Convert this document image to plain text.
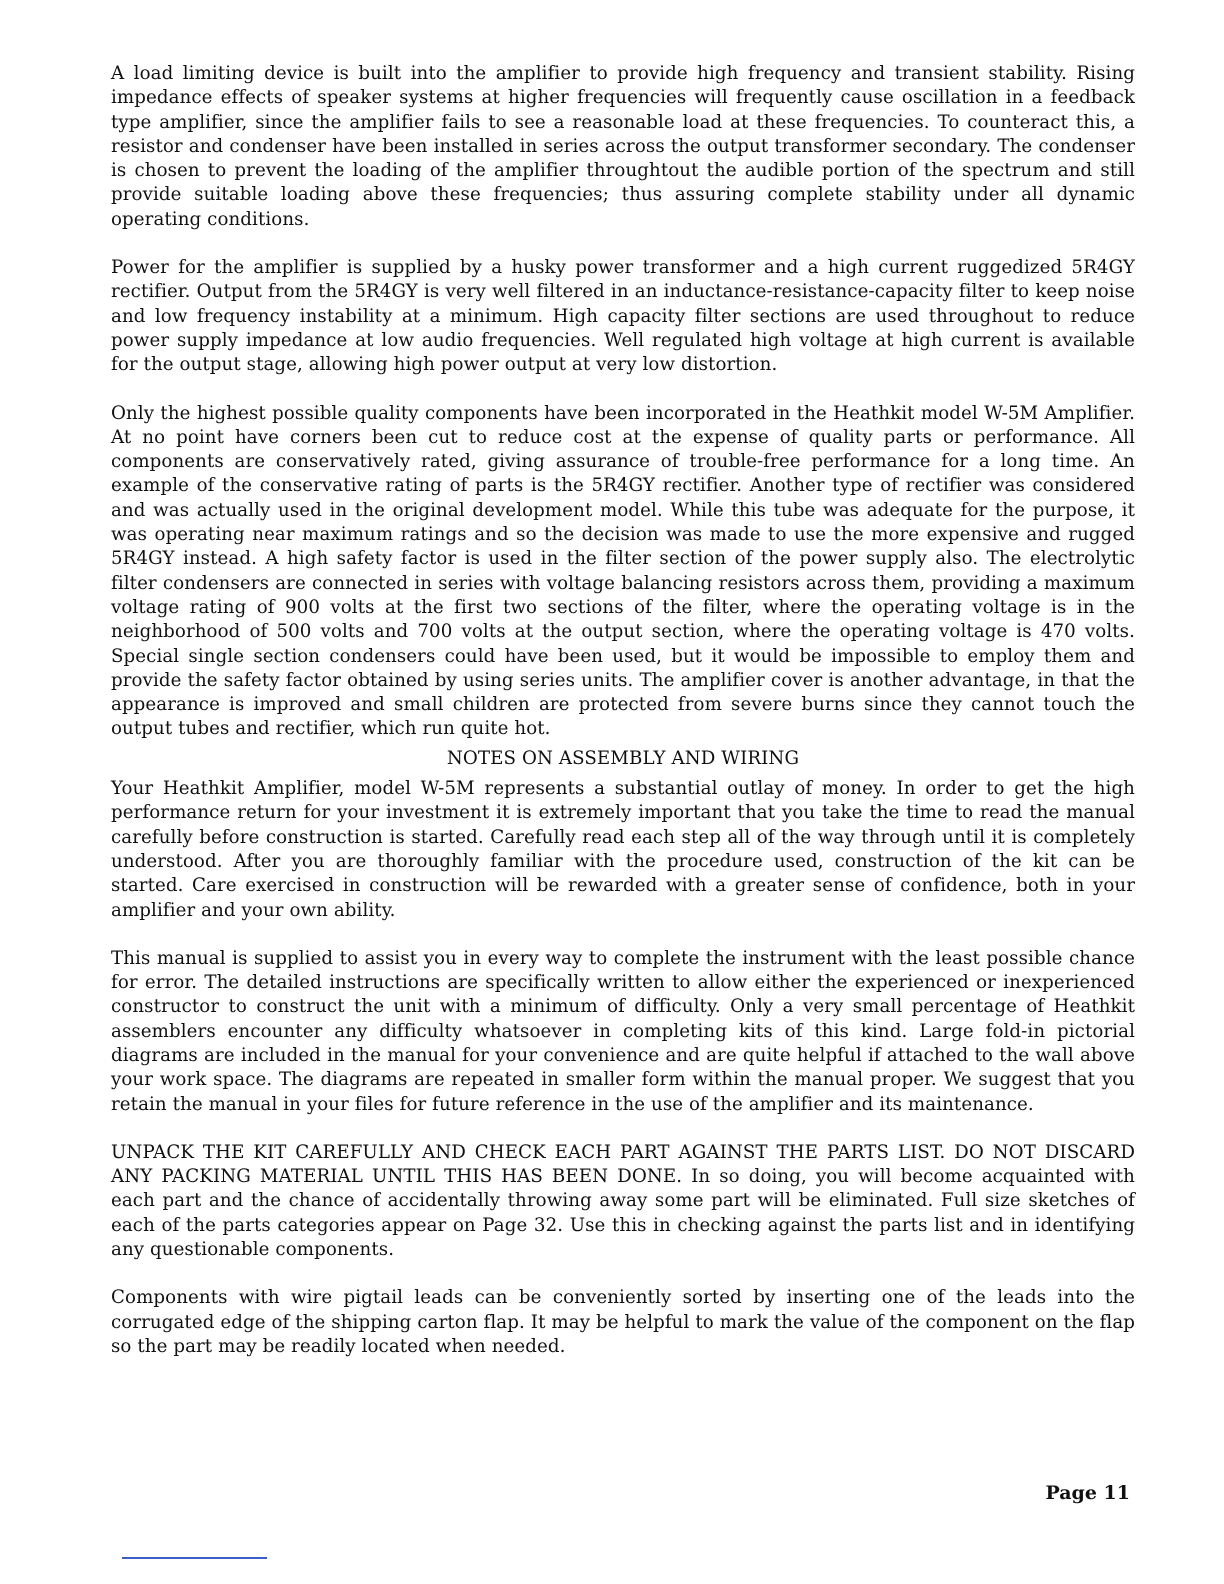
A load limiting device is built into the amplifier to provide high frequency and transient stability. Rising impedance effects of speaker systems at higher frequencies will frequently cause oscillation in a feedback type amplifier, since the amplifier fails to see a reasonable load at these frequencies. To counteract this, a resistor and condenser have been installed in series across the output transformer secondary. The condenser is chosen to prevent the loading of the amplifier throughtout the audible portion of the spectrum and still provide suitable loading above these frequencies; thus assuring complete stability under all dynamic operating conditions.

Power for the amplifier is supplied by a husky power transformer and a high current ruggedized 5R4GY rectifier. Output from the 5R4GY is very well filtered in an inductance-resistance-capacity filter to keep noise and low frequency instability at a minimum. High capacity filter sections are used throughout to reduce power supply impedance at low audio frequencies. Well regulated high voltage at high current is available for the output stage, allowing high power output at very low distortion.

Only the highest possible quality components have been incorporated in the Heathkit model W-5M Amplifier. At no point have corners been cut to reduce cost at the expense of quality parts or performance. All components are conservatively rated, giving assurance of trouble-free performance for a long time. An example of the conservative rating of parts is the 5R4GY rectifier. Another type of rectifier was considered and was actually used in the original development model. While this tube was adequate for the purpose, it was operating near maximum ratings and so the decision was made to use the more expensive and rugged 5R4GY instead. A high safety factor is used in the filter section of the power supply also. The electrolytic filter condensers are connected in series with voltage balancing resistors across them, providing a maximum voltage rating of 900 volts at the first two sections of the filter, where the operating voltage is in the neighborhood of 500 volts and 700 volts at the output section, where the operating voltage is 470 volts. Special single section condensers could have been used, but it would be impossible to employ them and provide the safety factor obtained by using series units. The amplifier cover is another advantage, in that the appearance is improved and small children are protected from severe burns since they cannot touch the output tubes and rectifier, which run quite hot.

NOTES ON ASSEMBLY AND WIRING

Your Heathkit Amplifier, model W-5M represents a substantial outlay of money. In order to get the high performance return for your investment it is extremely important that you take the time to read the manual carefully before construction is started. Carefully read each step all of the way through until it is completely understood. After you are thoroughly familiar with the procedure used, construction of the kit can be started. Care exercised in construction will be rewarded with a greater sense of confidence, both in your amplifier and your own ability.

This manual is supplied to assist you in every way to complete the instrument with the least possible chance for error. The detailed instructions are specifically written to allow either the experienced or inexperienced constructor to construct the unit with a minimum of difficulty. Only a very small percentage of Heathkit assemblers encounter any difficulty whatsoever in completing kits of this kind. Large fold-in pictorial diagrams are included in the manual for your convenience and are quite helpful if attached to the wall above your work space. The diagrams are repeated in smaller form within the manual proper. We suggest that you retain the manual in your files for future reference in the use of the amplifier and its maintenance.

UNPACK THE KIT CAREFULLY AND CHECK EACH PART AGAINST THE PARTS LIST. DO NOT DISCARD ANY PACKING MATERIAL UNTIL THIS HAS BEEN DONE. In so doing, you will become acquainted with each part and the chance of accidentally throwing away some part will be eliminated. Full size sketches of each of the parts categories appear on Page 32. Use this in checking against the parts list and in identifying any questionable components.

Components with wire pigtail leads can be conveniently sorted by inserting one of the leads into the corrugated edge of the shipping carton flap. It may be helpful to mark the value of the component on the flap so the part may be readily located when needed.

Page 11
